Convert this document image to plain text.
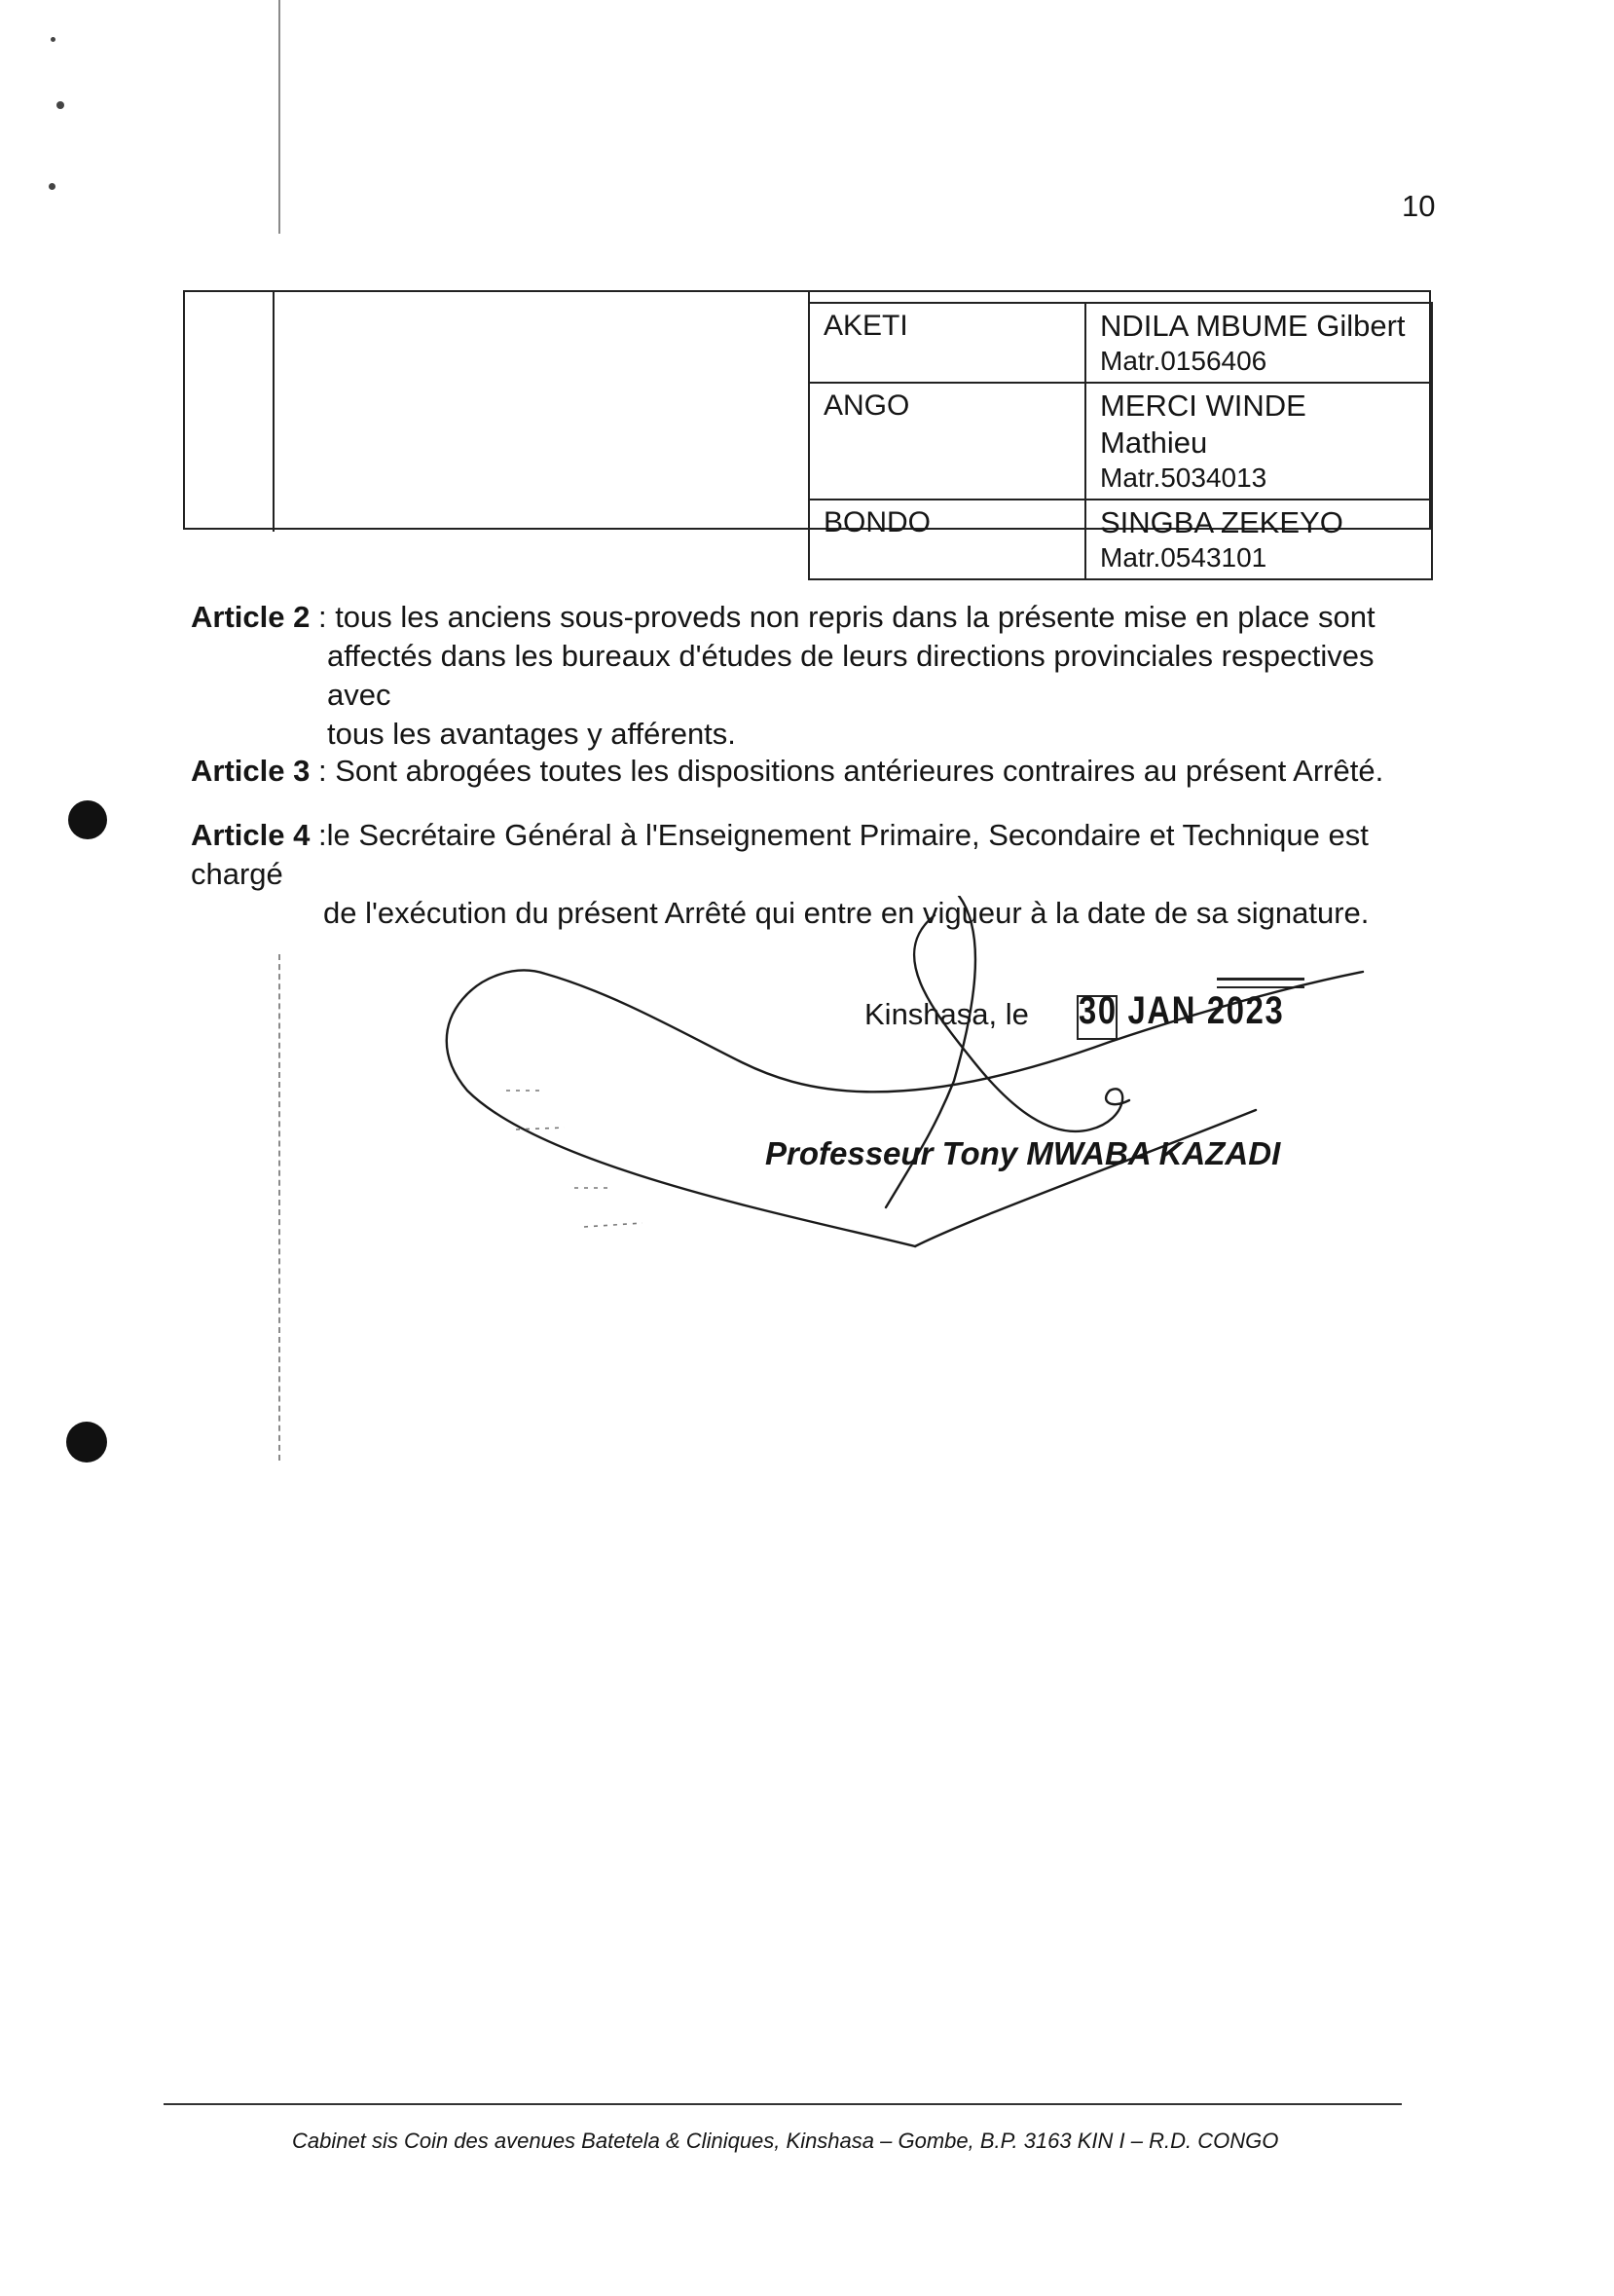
10
AKETI	NDILA MBUME Gilbert
Matr.0156406

ANGO	MERCI WINDE Mathieu
Matr.5034013

BONDO	SINGBA ZEKEYO
Matr.0543101
Article 2 : tous les anciens sous-proveds non repris dans la présente mise en place sont
affectés dans les bureaux d'études de leurs directions provinciales respectives avec
tous les avantages y afférents.
Article 3 : Sont abrogées toutes les dispositions antérieures contraires au présent Arrêté.
Article 4 :le Secrétaire Général à l'Enseignement Primaire, Secondaire et Technique est chargé
de l'exécution du présent Arrêté qui entre en vigueur à la date de sa signature.
Kinshasa, le 30 JAN 2023
Professeur Tony MWABA KAZADI
Cabinet sis Coin des avenues Batetela & Cliniques, Kinshasa – Gombe, B.P. 3163 KIN I – R.D. CONGO
